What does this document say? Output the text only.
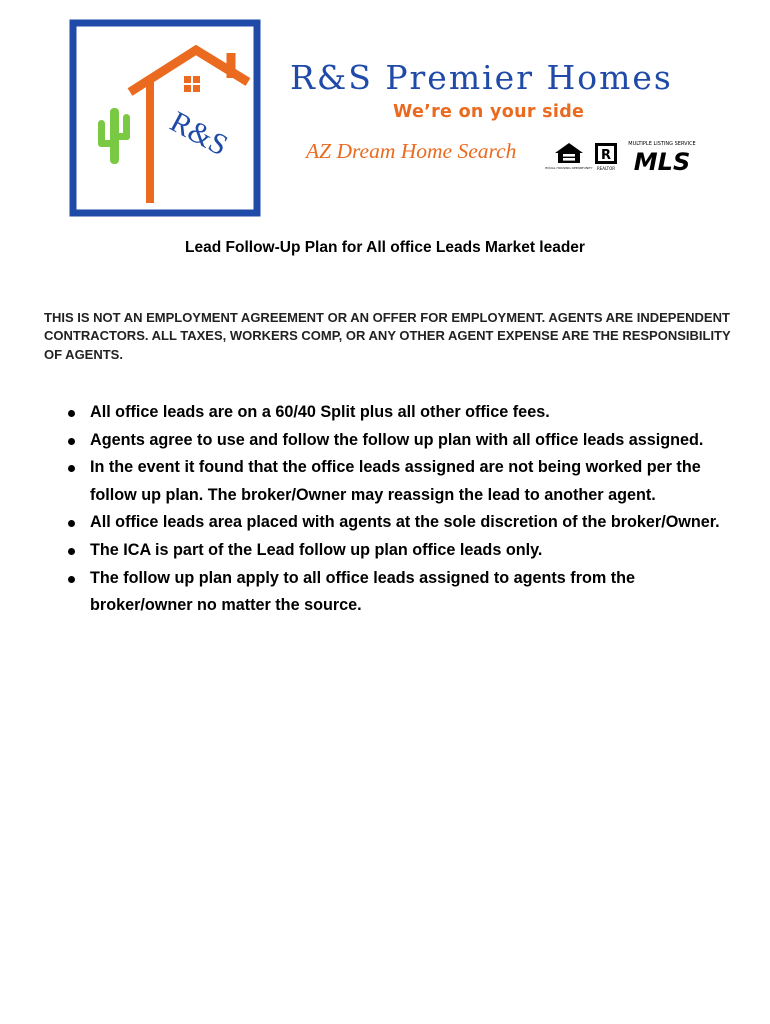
R&S
R&S Premier Homes
We’re on your side
AZ Dream Home Search
EQUAL HOUSING OPPORTUNITY
R
REALTOR
MULTIPLE LISTING SERVICE
MLS
Lead Follow-Up Plan for All office Leads Market leader
THIS IS NOT AN EMPLOYMENT AGREEMENT OR AN OFFER FOR EMPLOYMENT. AGENTS ARE INDEPENDENT CONTRACTORS. ALL TAXES, WORKERS COMP, OR ANY OTHER AGENT EXPENSE ARE THE RESPONSIBILITY OF AGENTS.
All office leads are on a 60/40 Split plus all other office fees.
Agents agree to use and follow the follow up plan with all office leads assigned.
In the event it found that the office leads assigned are not being worked per the follow up plan. The broker/Owner may reassign the lead to another agent.
All office leads area placed with agents at the sole discretion of the broker/Owner.
The ICA is part of the Lead follow up plan office leads only.
The follow up plan apply to all office leads assigned to agents from the broker/owner no matter the source.
